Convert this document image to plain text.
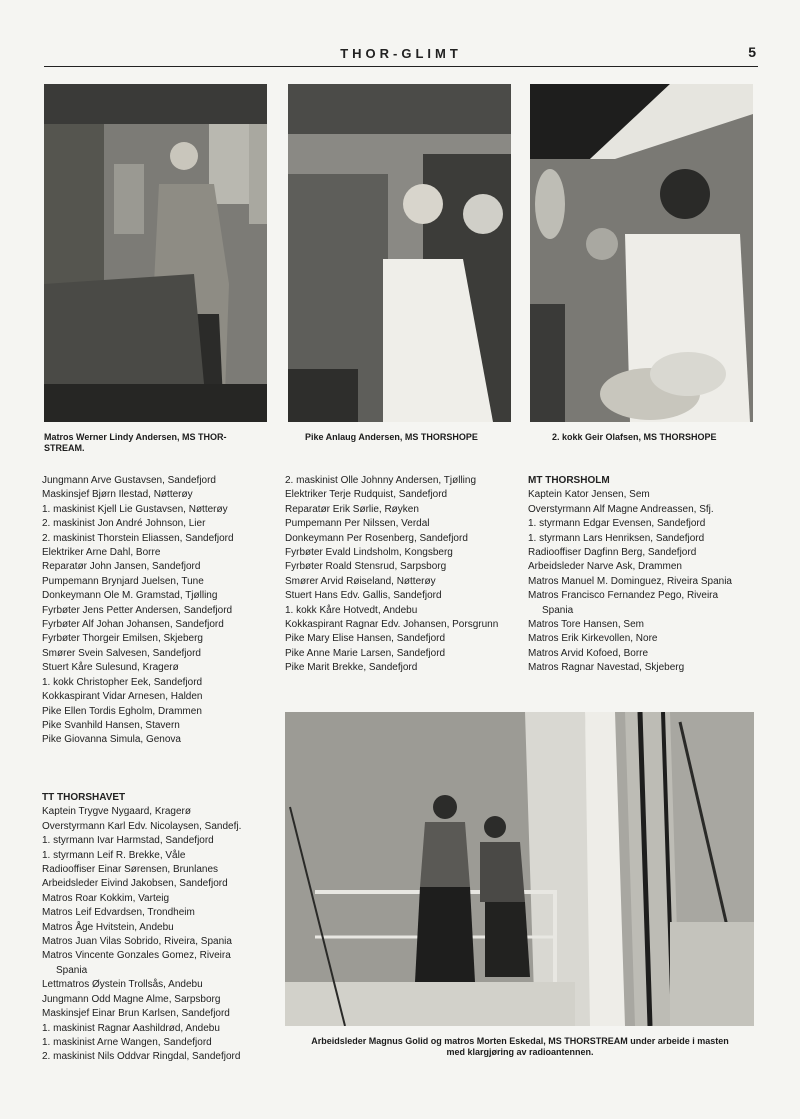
THOR-GLIMT	5
Matros Werner Lindy Andersen, MS THOR-
STREAM.
Pike Anlaug Andersen, MS THORSHOPE	2. kokk Geir Olafsen, MS THORSHOPE
Jungmann Arve Gustavsen, Sandefjord
Maskinsjef Bjørn Ilestad, Nøtterøy
1. maskinist Kjell Lie Gustavsen, Nøtterøy
2. maskinist Jon André Johnson, Lier
2. maskinist Thorstein Eliassen, Sandefjord
Elektriker Arne Dahl, Borre
Reparatør John Jansen, Sandefjord
Pumpemann Brynjard Juelsen, Tune
Donkeymann Ole M. Gramstad, Tjølling
Fyrbøter Jens Petter Andersen, Sandefjord
Fyrbøter Alf Johan Johansen, Sandefjord
Fyrbøter Thorgeir Emilsen, Skjeberg
Smører Svein Salvesen, Sandefjord
Stuert Kåre Sulesund, Kragerø
1. kokk Christopher Eek, Sandefjord
Kokkaspirant Vidar Arnesen, Halden
Pike Ellen Tordis Egholm, Drammen
Pike Svanhild Hansen, Stavern
Pike Giovanna Simula, Genova
2. maskinist Olle Johnny Andersen, Tjølling
Elektriker Terje Rudquist, Sandefjord
Reparatør Erik Sørlie, Røyken
Pumpemann Per Nilssen, Verdal
Donkeymann Per Rosenberg, Sandefjord
Fyrbøter Evald Lindsholm, Kongsberg
Fyrbøter Roald Stensrud, Sarpsborg
Smører Arvid Røiseland, Nøtterøy
Stuert Hans Edv. Gallis, Sandefjord
1. kokk Kåre Hotvedt, Andebu
Kokkaspirant Ragnar Edv. Johansen, Porsgrunn
Pike Mary Elise Hansen, Sandefjord
Pike Anne Marie Larsen, Sandefjord
Pike Marit Brekke, Sandefjord
MT THORSHOLM
Kaptein Kator Jensen, Sem
Overstyrmann Alf Magne Andreassen, Sfj.
1. styrmann Edgar Evensen, Sandefjord
1. styrmann Lars Henriksen, Sandefjord
Radiooffiser Dagfinn Berg, Sandefjord
Arbeidsleder Narve Ask, Drammen
Matros Manuel M. Dominguez, Riveira Spania
Matros Francisco Fernandez Pego, Riveira
Spania
Matros Tore Hansen, Sem
Matros Erik Kirkevollen, Nore
Matros Arvid Kofoed, Borre
Matros Ragnar Navestad, Skjeberg
TT THORSHAVET
Kaptein Trygve Nygaard, Kragerø
Overstyrmann Karl Edv. Nicolaysen, Sandefj.
1. styrmann Ivar Harmstad, Sandefjord
1. styrmann Leif R. Brekke, Våle
Radiooffiser Einar Sørensen, Brunlanes
Arbeidsleder Eivind Jakobsen, Sandefjord
Matros Roar Kokkim, Varteig
Matros Leif Edvardsen, Trondheim
Matros Åge Hvitstein, Andebu
Matros Juan Vilas Sobrido, Riveira, Spania
Matros Vincente Gonzales Gomez, Riveira
Spania
Lettmatros Øystein Trollsås, Andebu
Jungmann Odd Magne Alme, Sarpsborg
Maskinsjef Einar Brun Karlsen, Sandefjord
1. maskinist Ragnar Aashildrød, Andebu
1. maskinist Arne Wangen, Sandefjord
2. maskinist Nils Oddvar Ringdal, Sandefjord
Arbeidsleder Magnus Golid og matros Morten Eskedal, MS THORSTREAM under arbeide i masten
med klargjøring av radioantennen.
